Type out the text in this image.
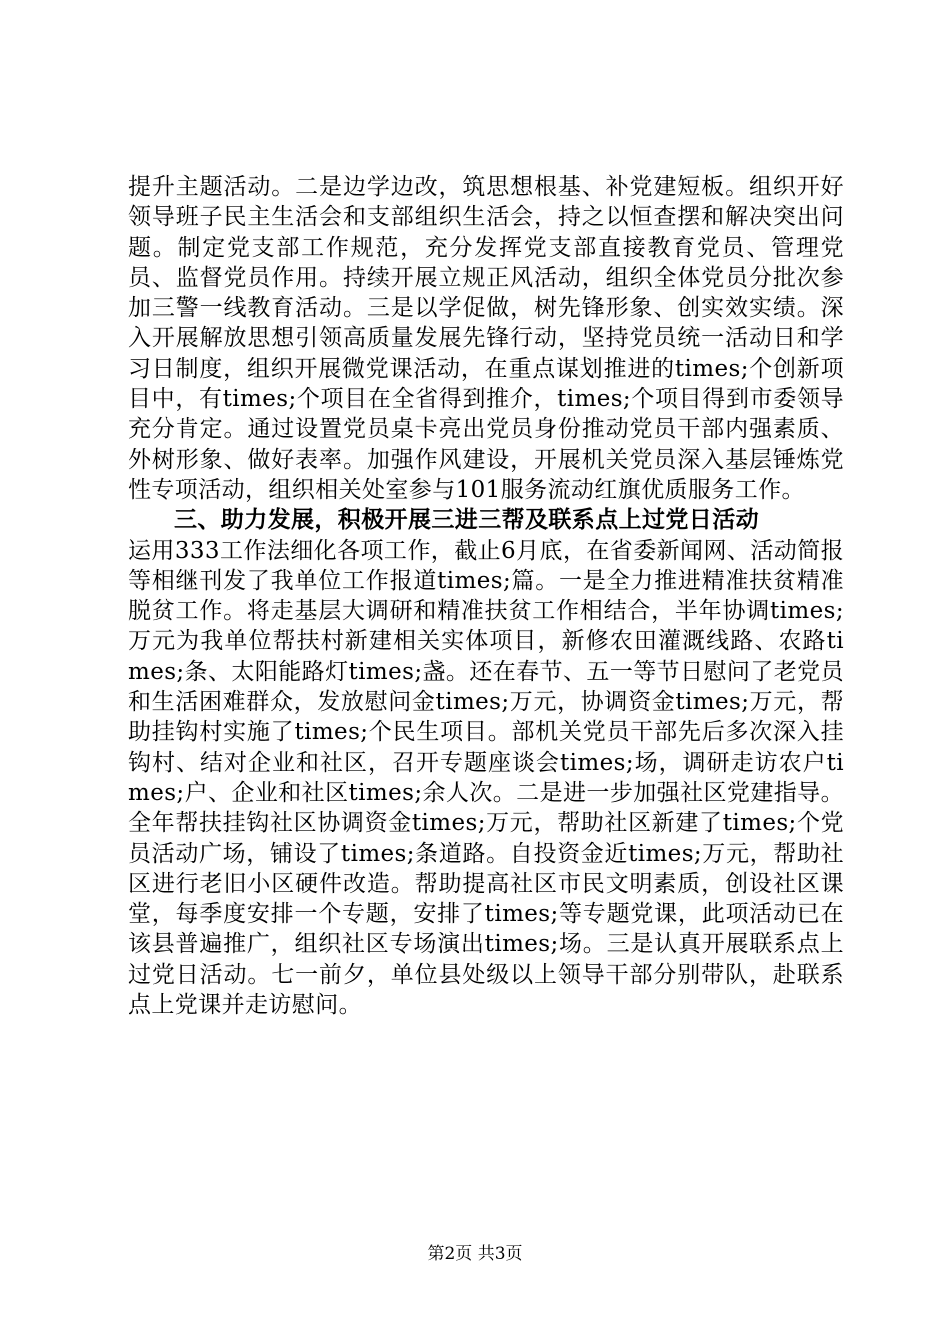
提升主题活动。二是边学边改，筑思想根基、补党建短板。组织开好领导班子民主生活会和支部组织生活会，持之以恒查摆和解决突出问题。制定党支部工作规范，充分发挥党支部直接教育党员、管理党员、监督党员作用。持续开展立规正风活动，组织全体党员分批次参加三警一线教育活动。三是以学促做，树先锋形象、创实效实绩。深入开展解放思想引领高质量发展先锋行动，坚持党员统一活动日和学习日制度，组织开展微党课活动，在重点谋划推进的times;个创新项目中，有times;个项目在全省得到推介，times;个项目得到市委领导充分肯定。通过设置党员桌卡亮出党员身份推动党员干部内强素质、外树形象、做好表率。加强作风建设，开展机关党员深入基层锤炼党性专项活动，组织相关处室参与101服务流动红旗优质服务工作。

三、助力发展，积极开展三进三帮及联系点上过党日活动

运用333工作法细化各项工作，截止6月底，在省委新闻网、活动简报等相继刊发了我单位工作报道times;篇。一是全力推进精准扶贫精准脱贫工作。将走基层大调研和精准扶贫工作相结合，半年协调times;万元为我单位帮扶村新建相关实体项目，新修农田灌溉线路、农路times;条、太阳能路灯times;盏。还在春节、五一等节日慰问了老党员和生活困难群众，发放慰问金times;万元，协调资金times;万元，帮助挂钩村实施了times;个民生项目。部机关党员干部先后多次深入挂钩村、结对企业和社区，召开专题座谈会times;场，调研走访农户times;户、企业和社区times;余人次。二是进一步加强社区党建指导。全年帮扶挂钩社区协调资金times;万元，帮助社区新建了times;个党员活动广场，铺设了times;条道路。自投资金近times;万元，帮助社区进行老旧小区硬件改造。帮助提高社区市民文明素质，创设社区课堂，每季度安排一个专题，安排了times;等专题党课，此项活动已在该县普遍推广，组织社区专场演出times;场。三是认真开展联系点上过党日活动。七一前夕，单位县处级以上领导干部分别带队，赴联系点上党课并走访慰问。

第2页 共3页
